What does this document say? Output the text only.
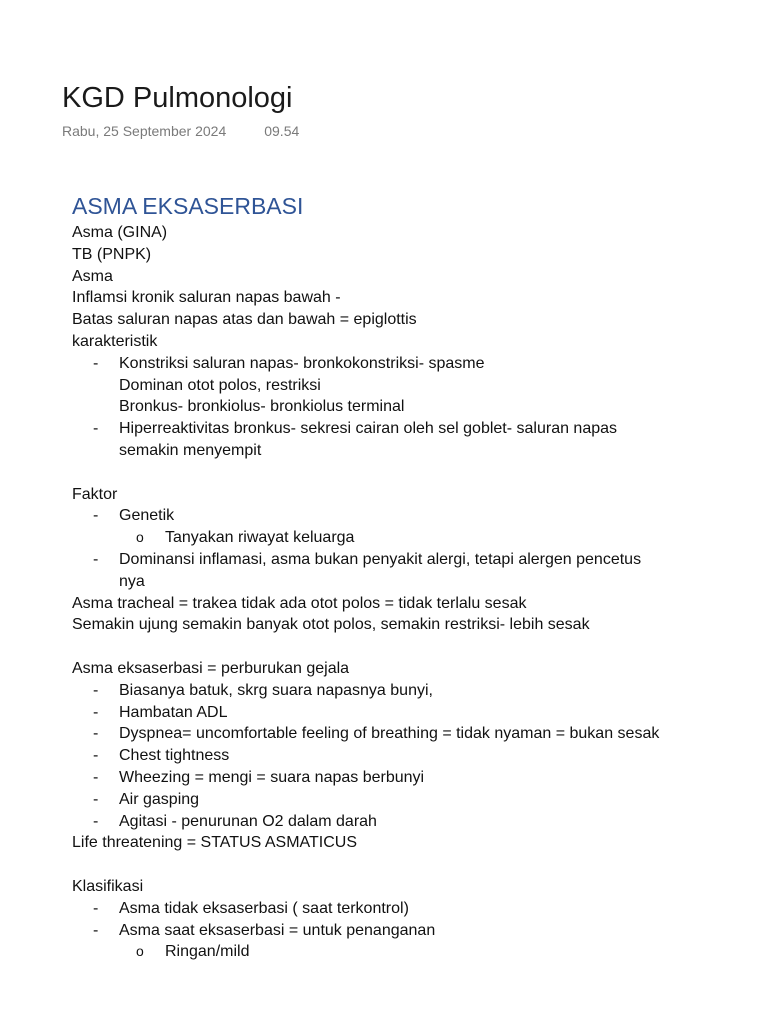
KGD Pulmonologi
Rabu, 25 September 2024	09.54
ASMA EKSASERBASI
Asma (GINA)
TB (PNPK)
Asma
Inflamsi kronik saluran napas bawah -
Batas saluran napas atas dan bawah = epiglottis
karakteristik
- Konstriksi saluran napas- bronkokonstriksi- spasme
Dominan otot polos, restriksi
Bronkus- bronkiolus- bronkiolus terminal
- Hiperreaktivitas bronkus- sekresi cairan oleh sel goblet- saluran napas
semakin menyempit
Faktor
- Genetik
o Tanyakan riwayat keluarga
- Dominansi inflamasi, asma bukan penyakit alergi, tetapi alergen pencetus
nya
Asma tracheal = trakea tidak ada otot polos = tidak terlalu sesak
Semakin ujung semakin banyak otot polos, semakin restriksi- lebih sesak
Asma eksaserbasi = perburukan gejala
- Biasanya batuk, skrg suara napasnya bunyi,
- Hambatan ADL
- Dyspnea= uncomfortable feeling of breathing = tidak nyaman = bukan sesak
- Chest tightness
- Wheezing = mengi = suara napas berbunyi
- Air gasping
- Agitasi - penurunan O2 dalam darah
Life threatening = STATUS ASMATICUS
Klasifikasi
- Asma tidak eksaserbasi ( saat terkontrol)
- Asma saat eksaserbasi = untuk penanganan
o Ringan/mild
